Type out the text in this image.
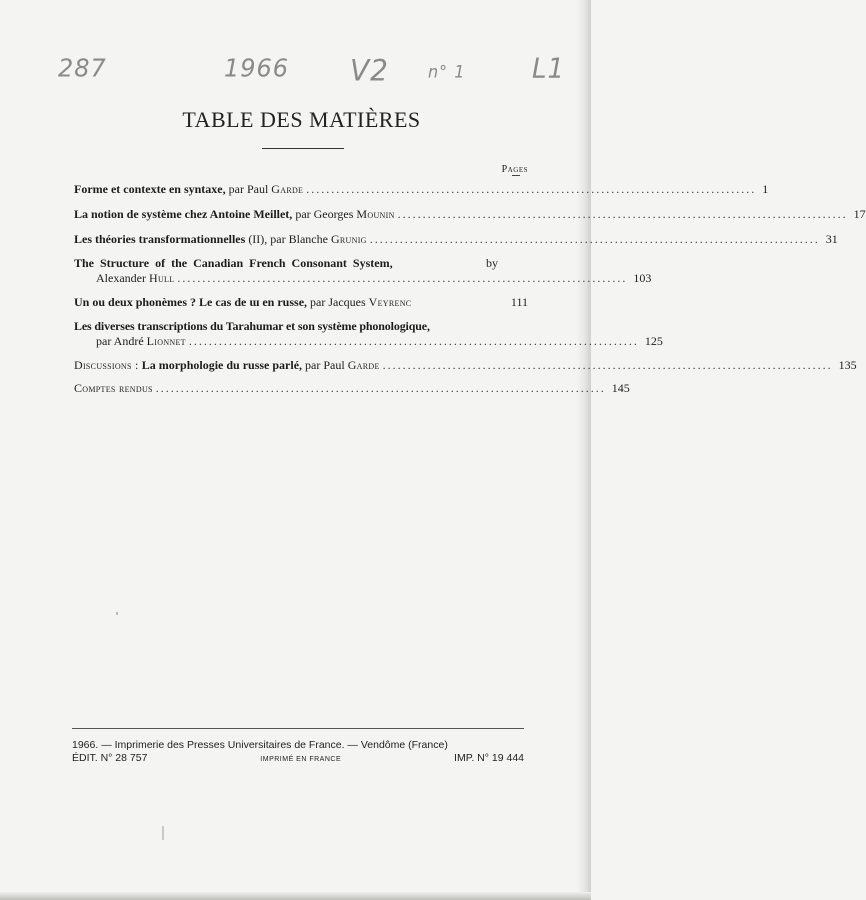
287	1966 V2 n° 1	L1
TABLE DES MATIÈRES
Pages
Forme et contexte en syntaxe, par Paul Garde .......................................................................................... 1
La notion de système chez Antoine Meillet, par Georges Mounin .......................................................................................... 17
Les théories transformationnelles (II), par Blanche Grunig .......................................................................................... 31
The Structure of the Canadian French Consonant System,	by
Alexander Hull .......................................................................................... 103
Un ou deux phonèmes ? Le cas de ɯ en russe, par Jacques Veyrenc	111
Les diverses transcriptions du Tarahumar et son système phonologique,
par André Lionnet .......................................................................................... 125
Discussions : La morphologie du russe parlé, par Paul Garde .......................................................................................... 135
Comptes rendus .......................................................................................... 145
1966. — Imprimerie des Presses Universitaires de France. — Vendôme (France)
ÉDIT. N° 28 757	IMPRIMÉ EN FRANCE	IMP. N° 19 444
